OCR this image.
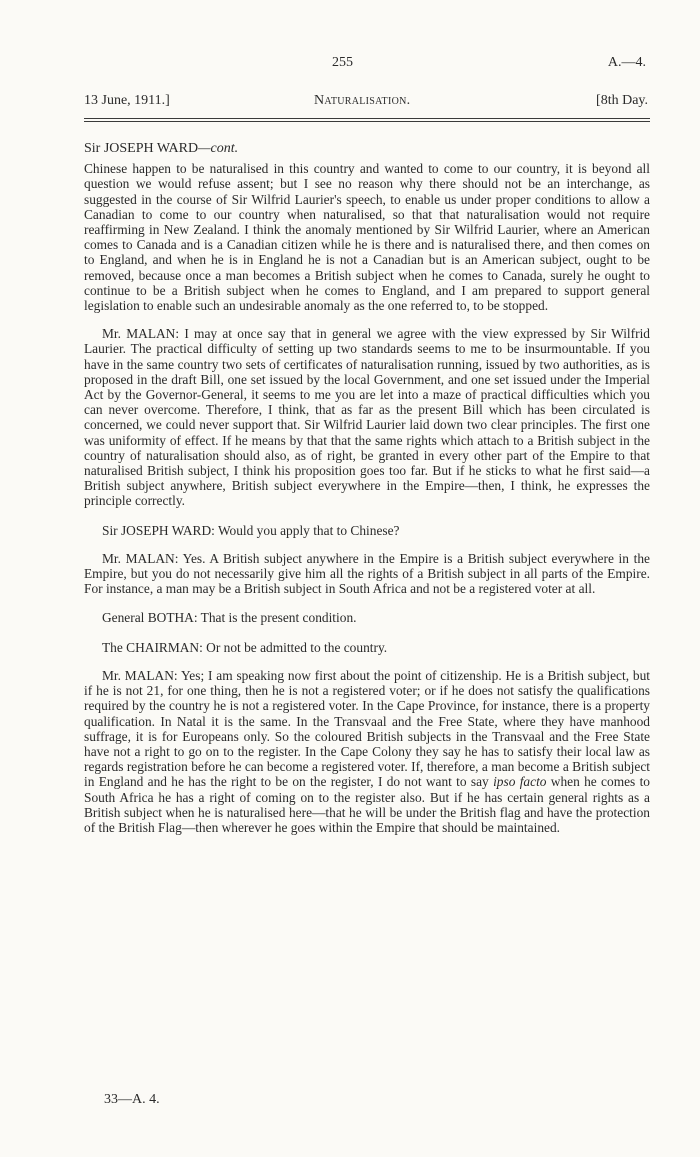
255	A.—4.
13 June, 1911.]	Naturalisation.	[8th Day.
Sir JOSEPH WARD—cont.

Chinese happen to be naturalised in this country and wanted to come to our country, it is beyond all question we would refuse assent; but I see no reason why there should not be an interchange, as suggested in the course of Sir Wilfrid Laurier's speech, to enable us under proper conditions to allow a Canadian to come to our country when naturalised, so that that naturalisation would not require reaffirming in New Zealand. I think the anomaly mentioned by Sir Wilfrid Laurier, where an American comes to Canada and is a Canadian citizen while he is there and is naturalised there, and then comes on to England, and when he is in England he is not a Canadian but is an American subject, ought to be removed, because once a man becomes a British subject when he comes to Canada, surely he ought to continue to be a British subject when he comes to England, and I am prepared to support general legislation to enable such an undesirable anomaly as the one referred to, to be stopped.

Mr. MALAN: I may at once say that in general we agree with the view expressed by Sir Wilfrid Laurier. The practical difficulty of setting up two standards seems to me to be insurmountable. If you have in the same country two sets of certificates of naturalisation running, issued by two authorities, as is proposed in the draft Bill, one set issued by the local Government, and one set issued under the Imperial Act by the Governor-General, it seems to me you are let into a maze of practical difficulties which you can never overcome. Therefore, I think, that as far as the present Bill which has been circulated is concerned, we could never support that. Sir Wilfrid Laurier laid down two clear principles. The first one was uniformity of effect. If he means by that that the same rights which attach to a British subject in the country of naturalisation should also, as of right, be granted in every other part of the Empire to that naturalised British subject, I think his proposition goes too far. But if he sticks to what he first said—a British subject anywhere, British subject everywhere in the Empire—then, I think, he expresses the principle correctly.

Sir JOSEPH WARD: Would you apply that to Chinese?

Mr. MALAN: Yes. A British subject anywhere in the Empire is a British subject everywhere in the Empire, but you do not necessarily give him all the rights of a British subject in all parts of the Empire. For instance, a man may be a British subject in South Africa and not be a registered voter at all.

General BOTHA: That is the present condition.

The CHAIRMAN: Or not be admitted to the country.

Mr. MALAN: Yes; I am speaking now first about the point of citizenship. He is a British subject, but if he is not 21, for one thing, then he is not a registered voter; or if he does not satisfy the qualifications required by the country he is not a registered voter. In the Cape Province, for instance, there is a property qualification. In Natal it is the same. In the Transvaal and the Free State, where they have manhood suffrage, it is for Europeans only. So the coloured British subjects in the Transvaal and the Free State have not a right to go on to the register. In the Cape Colony they say he has to satisfy their local law as regards registration before he can become a registered voter. If, therefore, a man become a British subject in England and he has the right to be on the register, I do not want to say ipso facto when he comes to South Africa he has a right of coming on to the register also. But if he has certain general rights as a British subject when he is naturalised here—that he will be under the British flag and have the protection of the British Flag—then wherever he goes within the Empire that should be maintained.

33—A. 4.
